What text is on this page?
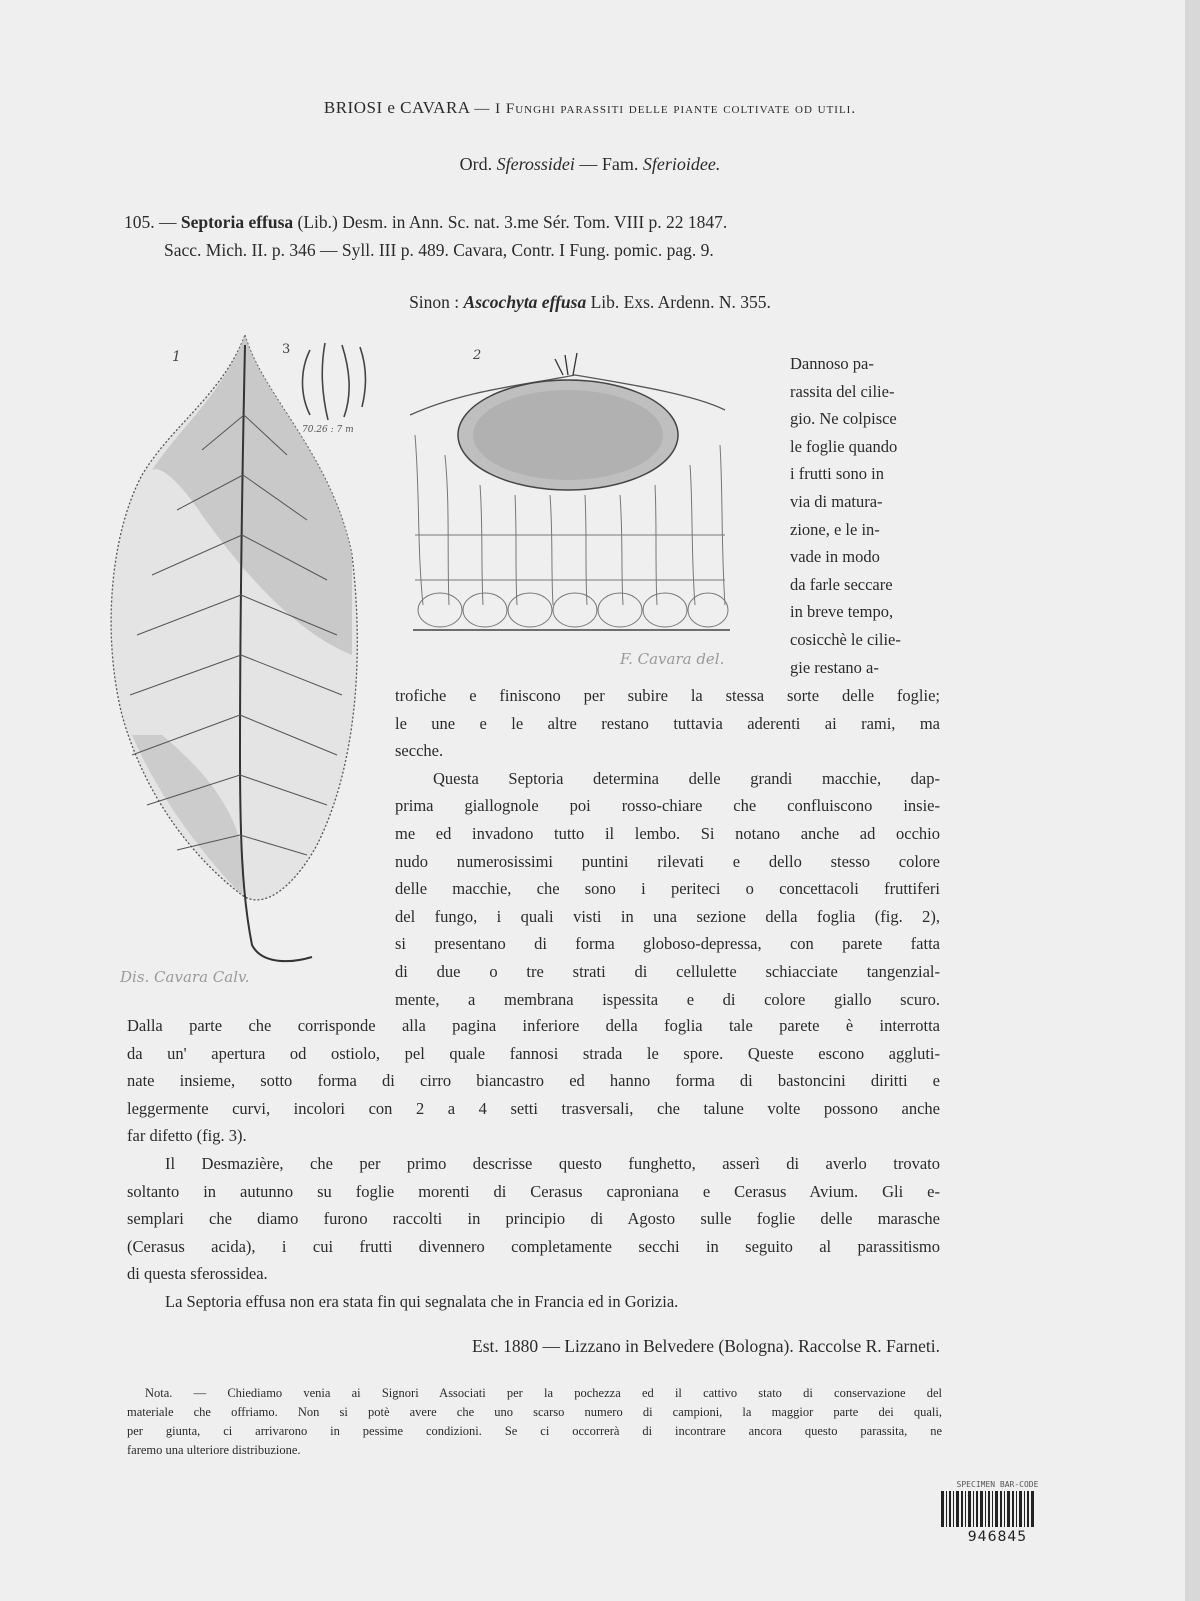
BRIOSI e CAVARA — I Funghi parassiti delle piante coltivate od utili.
Ord. Sferossidei — Fam. Sferioidee.
105. — Septoria effusa (Lib.) Desm. in Ann. Sc. nat. 3.me Sér. Tom. VIII p. 22 1847.
Sacc. Mich. II. p. 346 — Syll. III p. 489. Cavara, Contr. I Fung. pomic. pag. 9.
Sinon : Ascochyta effusa Lib. Exs. Ardenn. N. 355.
1
Dis. Cavara Calv.
3
70.26 : 7 m
2
F. Cavara del.
Dannoso pa-
rassita del cilie-
gio. Ne colpisce
le foglie quando
i frutti sono in
via di matura-
zione, e le in-
vade in modo
da farle seccare
in breve tempo,
cosicchè le cilie-
gie restano a-
trofiche e finiscono per subire la stessa sorte delle foglie;
le une e le altre restano tuttavia aderenti ai rami, ma
secche.
Questa Septoria determina delle grandi macchie, dap-
prima giallognole poi rosso-chiare che confluiscono insie-
me ed invadono tutto il lembo. Si notano anche ad occhio
nudo numerosissimi puntini rilevati e dello stesso colore
delle macchie, che sono i periteci o concettacoli fruttiferi
del fungo, i quali visti in una sezione della foglia (fig. 2),
si presentano di forma globoso-depressa, con parete fatta
di due o tre strati di cellulette schiacciate tangenzial-
mente, a membrana ispessita e di colore giallo scuro.
Dalla parte che corrisponde alla pagina inferiore della foglia tale parete è interrotta
da un' apertura od ostiolo, pel quale fannosi strada le spore. Queste escono aggluti-
nate insieme, sotto forma di cirro biancastro ed hanno forma di bastoncini diritti e
leggermente curvi, incolori con 2 a 4 setti trasversali, che talune volte possono anche
far difetto (fig. 3).
Il Desmazière, che per primo descrisse questo funghetto, asserì di averlo trovato
soltanto in autunno su foglie morenti di Cerasus caproniana e Cerasus Avium. Gli e-
semplari che diamo furono raccolti in principio di Agosto sulle foglie delle marasche
(Cerasus acida), i cui frutti divennero completamente secchi in seguito al parassitismo
di questa sferossidea.
La Septoria effusa non era stata fin qui segnalata che in Francia ed in Gorizia.
Est. 1880 — Lizzano in Belvedere (Bologna). Raccolse R. Farneti.
Nota. — Chiediamo venia ai Signori Associati per la pochezza ed il cattivo stato di conservazione del
materiale che offriamo. Non si potè avere che uno scarso numero di campioni, la maggior parte dei quali,
per giunta, ci arrivarono in pessime condizioni. Se ci occorrerà di incontrare ancora questo parassita, ne
faremo una ulteriore distribuzione.
SPECIMEN BAR-CODE
946845
